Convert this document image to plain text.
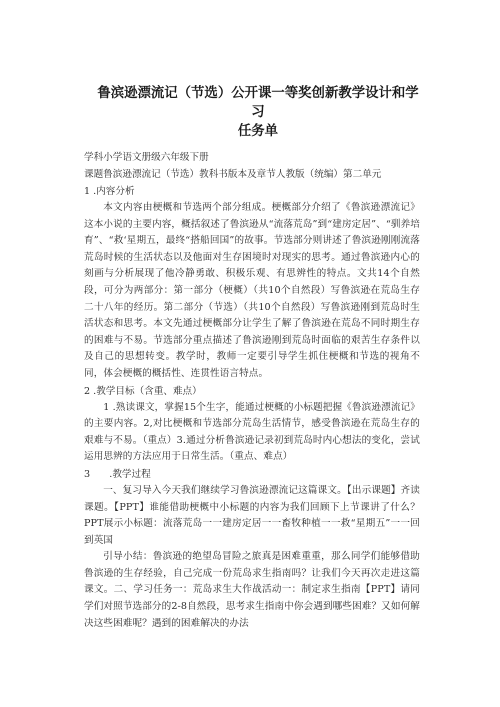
鲁滨逊漂流记（节选）公开课一等奖创新教学设计和学习
任务单

学科小学语文册级六年级下册

课题鲁滨逊漂流记（节选）教科书版本及章节人教版（统编）第二单元

1 .内容分析

本文内容由梗概和节选两个部分组成。梗概部分介绍了《鲁滨逊漂流记》这本小说的主要内容，概括叙述了鲁滨逊从“流落荒岛”到“建房定居”、“驯养培育”、“救‘星期五，最终“搭船回国”的故事。节选部分则讲述了鲁滨逊刚刚流落荒岛时候的生活状态以及他面对生存困境时对现实的思考。通过鲁滨逊内心的刻画与分析展现了他冷静勇敢、积极乐观、有思辨性的特点。文共14个自然段，可分为两部分：第一部分（梗概）（共10个自然段）写鲁滨逊在荒岛生存二十八年的经历。第二部分（节选）（共10个自然段）写鲁滨逊刚到荒岛时生活状态和思考。本文先通过梗概部分让学生了解了鲁滨逊在荒岛不同时期生存的困难与不易。节选部分重点描述了鲁滨逊刚到荒岛时面临的艰苦生存条件以及自己的思想转变。教学时，教师一定要引导学生抓住梗概和节选的视角不同，体会梗概的概括性、连贯性语言特点。

2 .教学目标（含重、难点）

1 .熟读课文，掌握15个生字，能通过梗概的小标题把握《鲁滨逊漂流记》的主要内容。2,对比梗概和节选部分荒岛生活情节，感受鲁滨逊在荒岛生存的艰难与不易。（重点）3.通过分析鲁滨逊记录初到荒岛时内心想法的变化，尝试运用思辨的方法应用于日常生活。（重点、难点）

3　　.教学过程

一、复习导入今天我们继续学习鲁滨逊漂流记这篇课文。【出示课题】齐读课题。【PPT】谁能借助梗概中小标题的内容为我们回顾下上节课讲了什么？PPT展示小标题：流落荒岛一一建房定居一一畜牧种植一一救“星期五”一一回到英国

引导小结：鲁滨逊的绝望岛冒险之旅真是困难重重，那么同学们能够借助鲁滨逊的生存经验，自己完成一份荒岛求生指南吗？让我们今天再次走进这篇课文。二、学习任务一：荒岛求生大作战活动一：制定求生指南【PPT】请同学们对照节选部分的2-8自然段，思考求生指南中你会遇到哪些困难？又如何解决这些困难呢？遇到的困难解决的办法
